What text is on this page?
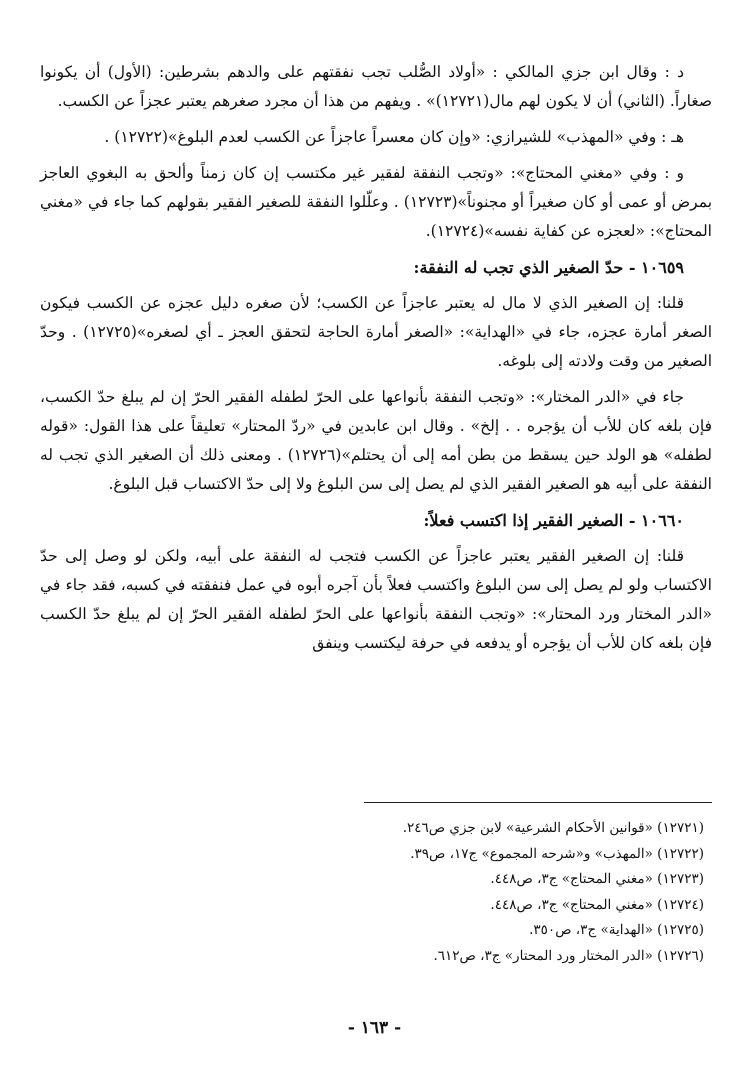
د : وقال ابن جزي المالكي : «أولاد الصُّلب تجب نفقتهم على والدهم بشرطين: (الأول) أن يكونوا صغاراً. (الثاني) أن لا يكون لهم مال(١٢٧٢١)» . ويفهم من هذا أن مجرد صغرهم يعتبر عجزاً عن الكسب.

هـ : وفي «المهذب» للشيرازي: «وإن كان معسراً عاجزاً عن الكسب لعدم البلوغ»(١٢٧٢٢) .

و : وفي «مغني المحتاج»: «وتجب النفقة لفقير غير مكتسب إن كان زمناً وألحق به البغوي العاجز بمرض أو عمى أو كان صغيراً أو مجنوناً»(١٢٧٢٣) . وعلّلوا النفقة للصغير الفقير بقولهم كما جاء في «مغني المحتاج»: «لعجزه عن كفاية نفسه»(١٢٧٢٤).

١٠٦٥٩ - حدّ الصغير الذي تجب له النفقة:

قلنا: إن الصغير الذي لا مال له يعتبر عاجزاً عن الكسب؛ لأن صغره دليل عجزه عن الكسب فيكون الصغر أمارة عجزه، جاء في «الهداية»: «الصغر أمارة الحاجة لتحقق العجز ـ أي لصغره»(١٢٧٢٥) . وحدّ الصغير من وقت ولادته إلى بلوغه.

جاء في «الدر المختار»: «وتجب النفقة بأنواعها على الحرّ لطفله الفقير الحرّ إن لم يبلغ حدّ الكسب، فإن بلغه كان للأب أن يؤجره . . إلخ» . وقال ابن عابدين في «ردّ المحتار» تعليقاً على هذا القول: «قوله لطفله» هو الولد حين يسقط من بطن أمه إلى أن يحتلم»(١٢٧٢٦) . ومعنى ذلك أن الصغير الذي تجب له النفقة على أبيه هو الصغير الفقير الذي لم يصل إلى سن البلوغ ولا إلى حدّ الاكتساب قبل البلوغ.

١٠٦٦٠ - الصغير الفقير إذا اكتسب فعلاً:

قلنا: إن الصغير الفقير يعتبر عاجزاً عن الكسب فتجب له النفقة على أبيه، ولكن لو وصل إلى حدّ الاكتساب ولو لم يصل إلى سن البلوغ واكتسب فعلاً بأن آجره أبوه في عمل فنفقته في كسبه، فقد جاء في «الدر المختار ورد المحتار»: «وتجب النفقة بأنواعها على الحرّ لطفله الفقير الحرّ إن لم يبلغ حدّ الكسب فإن بلغه كان للأب أن يؤجره أو يدفعه في حرفة ليكتسب وينفق

(١٢٧٢١) «قوانين الأحكام الشرعية» لابن جزي ص٢٤٦.

(١٢٧٢٢) «المهذب» و«شرحه المجموع» ج١٧، ص٣٩.

(١٢٧٢٣) «مغني المحتاج» ج٣، ص٤٤٨.

(١٢٧٢٤) «مغني المحتاج» ج٣، ص٤٤٨.

(١٢٧٢٥) «الهداية» ج٣، ص٣٥٠.

(١٢٧٢٦) «الدر المختار ورد المحتار» ج٣، ص٦١٢.

- ١٦٣ -
